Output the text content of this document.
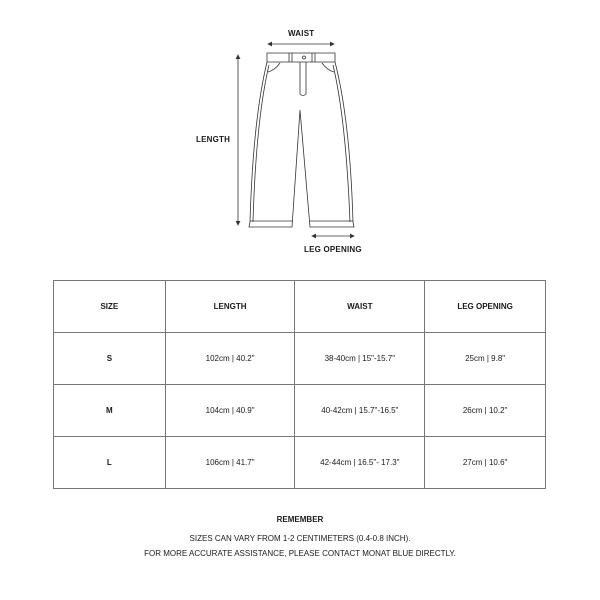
WAIST
LENGTH
LEG OPENING
SIZE	LENGTH	WAIST	LEG OPENING
S	102cm | 40.2"	38-40cm | 15"-15.7"	25cm | 9.8"
M	104cm | 40.9"	40-42cm | 15.7"-16.5"	26cm | 10.2"
L	106cm | 41.7"	42-44cm | 16.5"- 17.3"	27cm | 10.6"
REMEMBER
SIZES CAN VARY FROM 1-2 CENTIMETERS (0.4-0.8 INCH).
FOR MORE ACCURATE ASSISTANCE, PLEASE CONTACT MONAT BLUE DIRECTLY.
